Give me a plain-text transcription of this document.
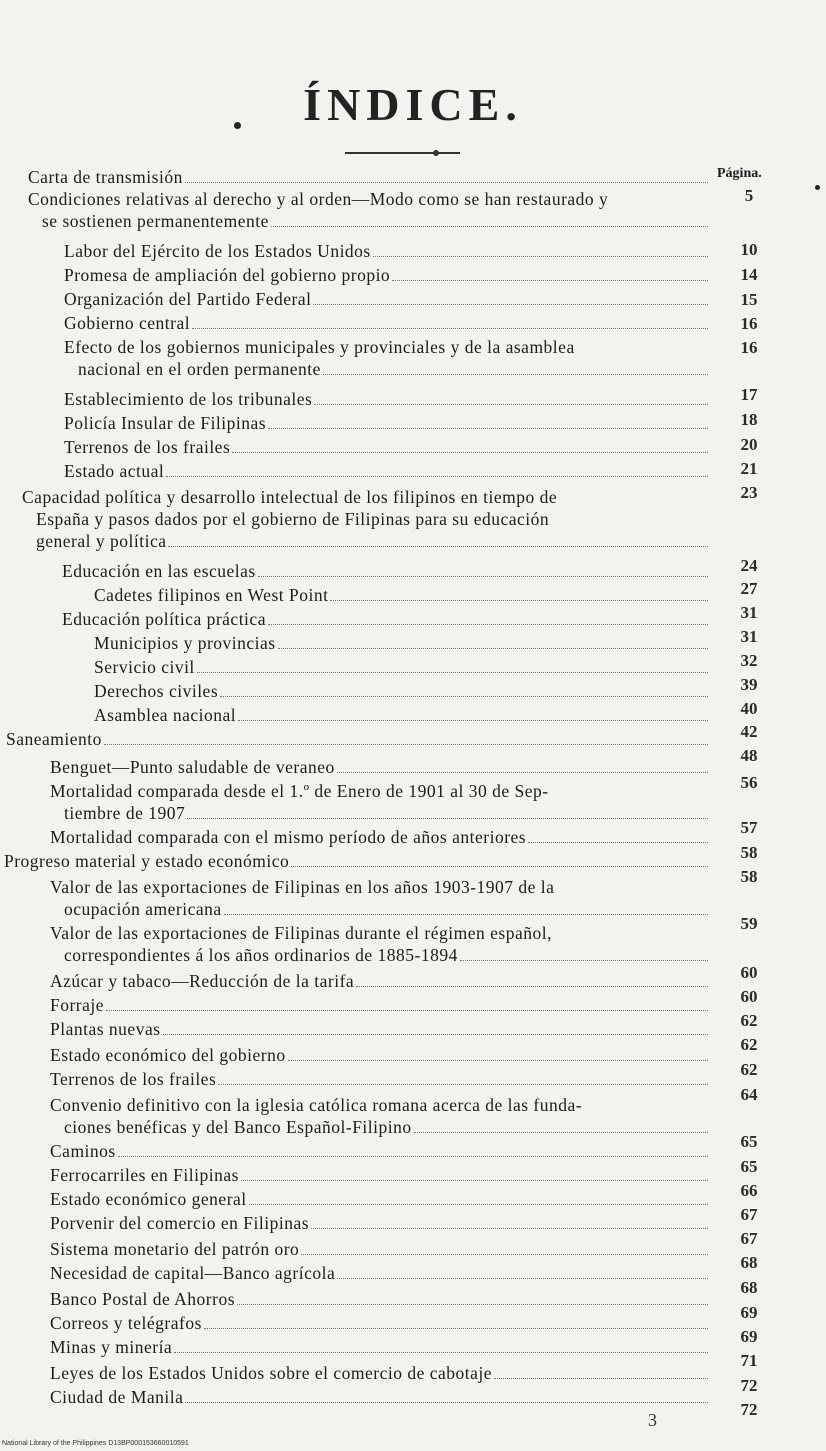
ÍNDICE.
Página.
Carta de transmisión
5
Condiciones relativas al derecho y al orden—Modo como se han restaurado y
se sostienen permanentemente
10
Labor del Ejército de los Estados Unidos
14
Promesa de ampliación del gobierno propio
15
Organización del Partido Federal
16
Gobierno central
16
Efecto de los gobiernos municipales y provinciales y de la asamblea
nacional en el orden permanente
17
Establecimiento de los tribunales
18
Policía Insular de Filipinas
20
Terrenos de los frailes
21
Estado actual
23
Capacidad política y desarrollo intelectual de los filipinos en tiempo de
España y pasos dados por el gobierno de Filipinas para su educación
general y política
24
Educación en las escuelas
27
Cadetes filipinos en West Point
31
Educación política práctica
31
Municipios y provincias
32
Servicio civil
39
Derechos civiles
40
Asamblea nacional
42
Saneamiento
48
Benguet—Punto saludable de veraneo
56
Mortalidad comparada desde el 1.º de Enero de 1901 al 30 de Sep-
tiembre de 1907
57
Mortalidad comparada con el mismo período de años anteriores
58
Progreso material y estado económico
58
Valor de las exportaciones de Filipinas en los años 1903-1907 de la
ocupación americana
59
Valor de las exportaciones de Filipinas durante el régimen español,
correspondientes á los años ordinarios de 1885-1894
60
Azúcar y tabaco—Reducción de la tarifa
60
Forraje
62
Plantas nuevas
62
Estado económico del gobierno
62
Terrenos de los frailes
64
Convenio definitivo con la iglesia católica romana acerca de las funda-
ciones benéficas y del Banco Español-Filipino
65
Caminos
65
Ferrocarriles en Filipinas
66
Estado económico general
67
Porvenir del comercio en Filipinas
67
Sistema monetario del patrón oro
68
Necesidad de capital—Banco agrícola
68
Banco Postal de Ahorros
69
Correos y telégrafos
69
Minas y minería
71
Leyes de los Estados Unidos sobre el comercio de cabotaje
72
Ciudad de Manila
72
3
National Library of the Philippines D13BP000153660010591
